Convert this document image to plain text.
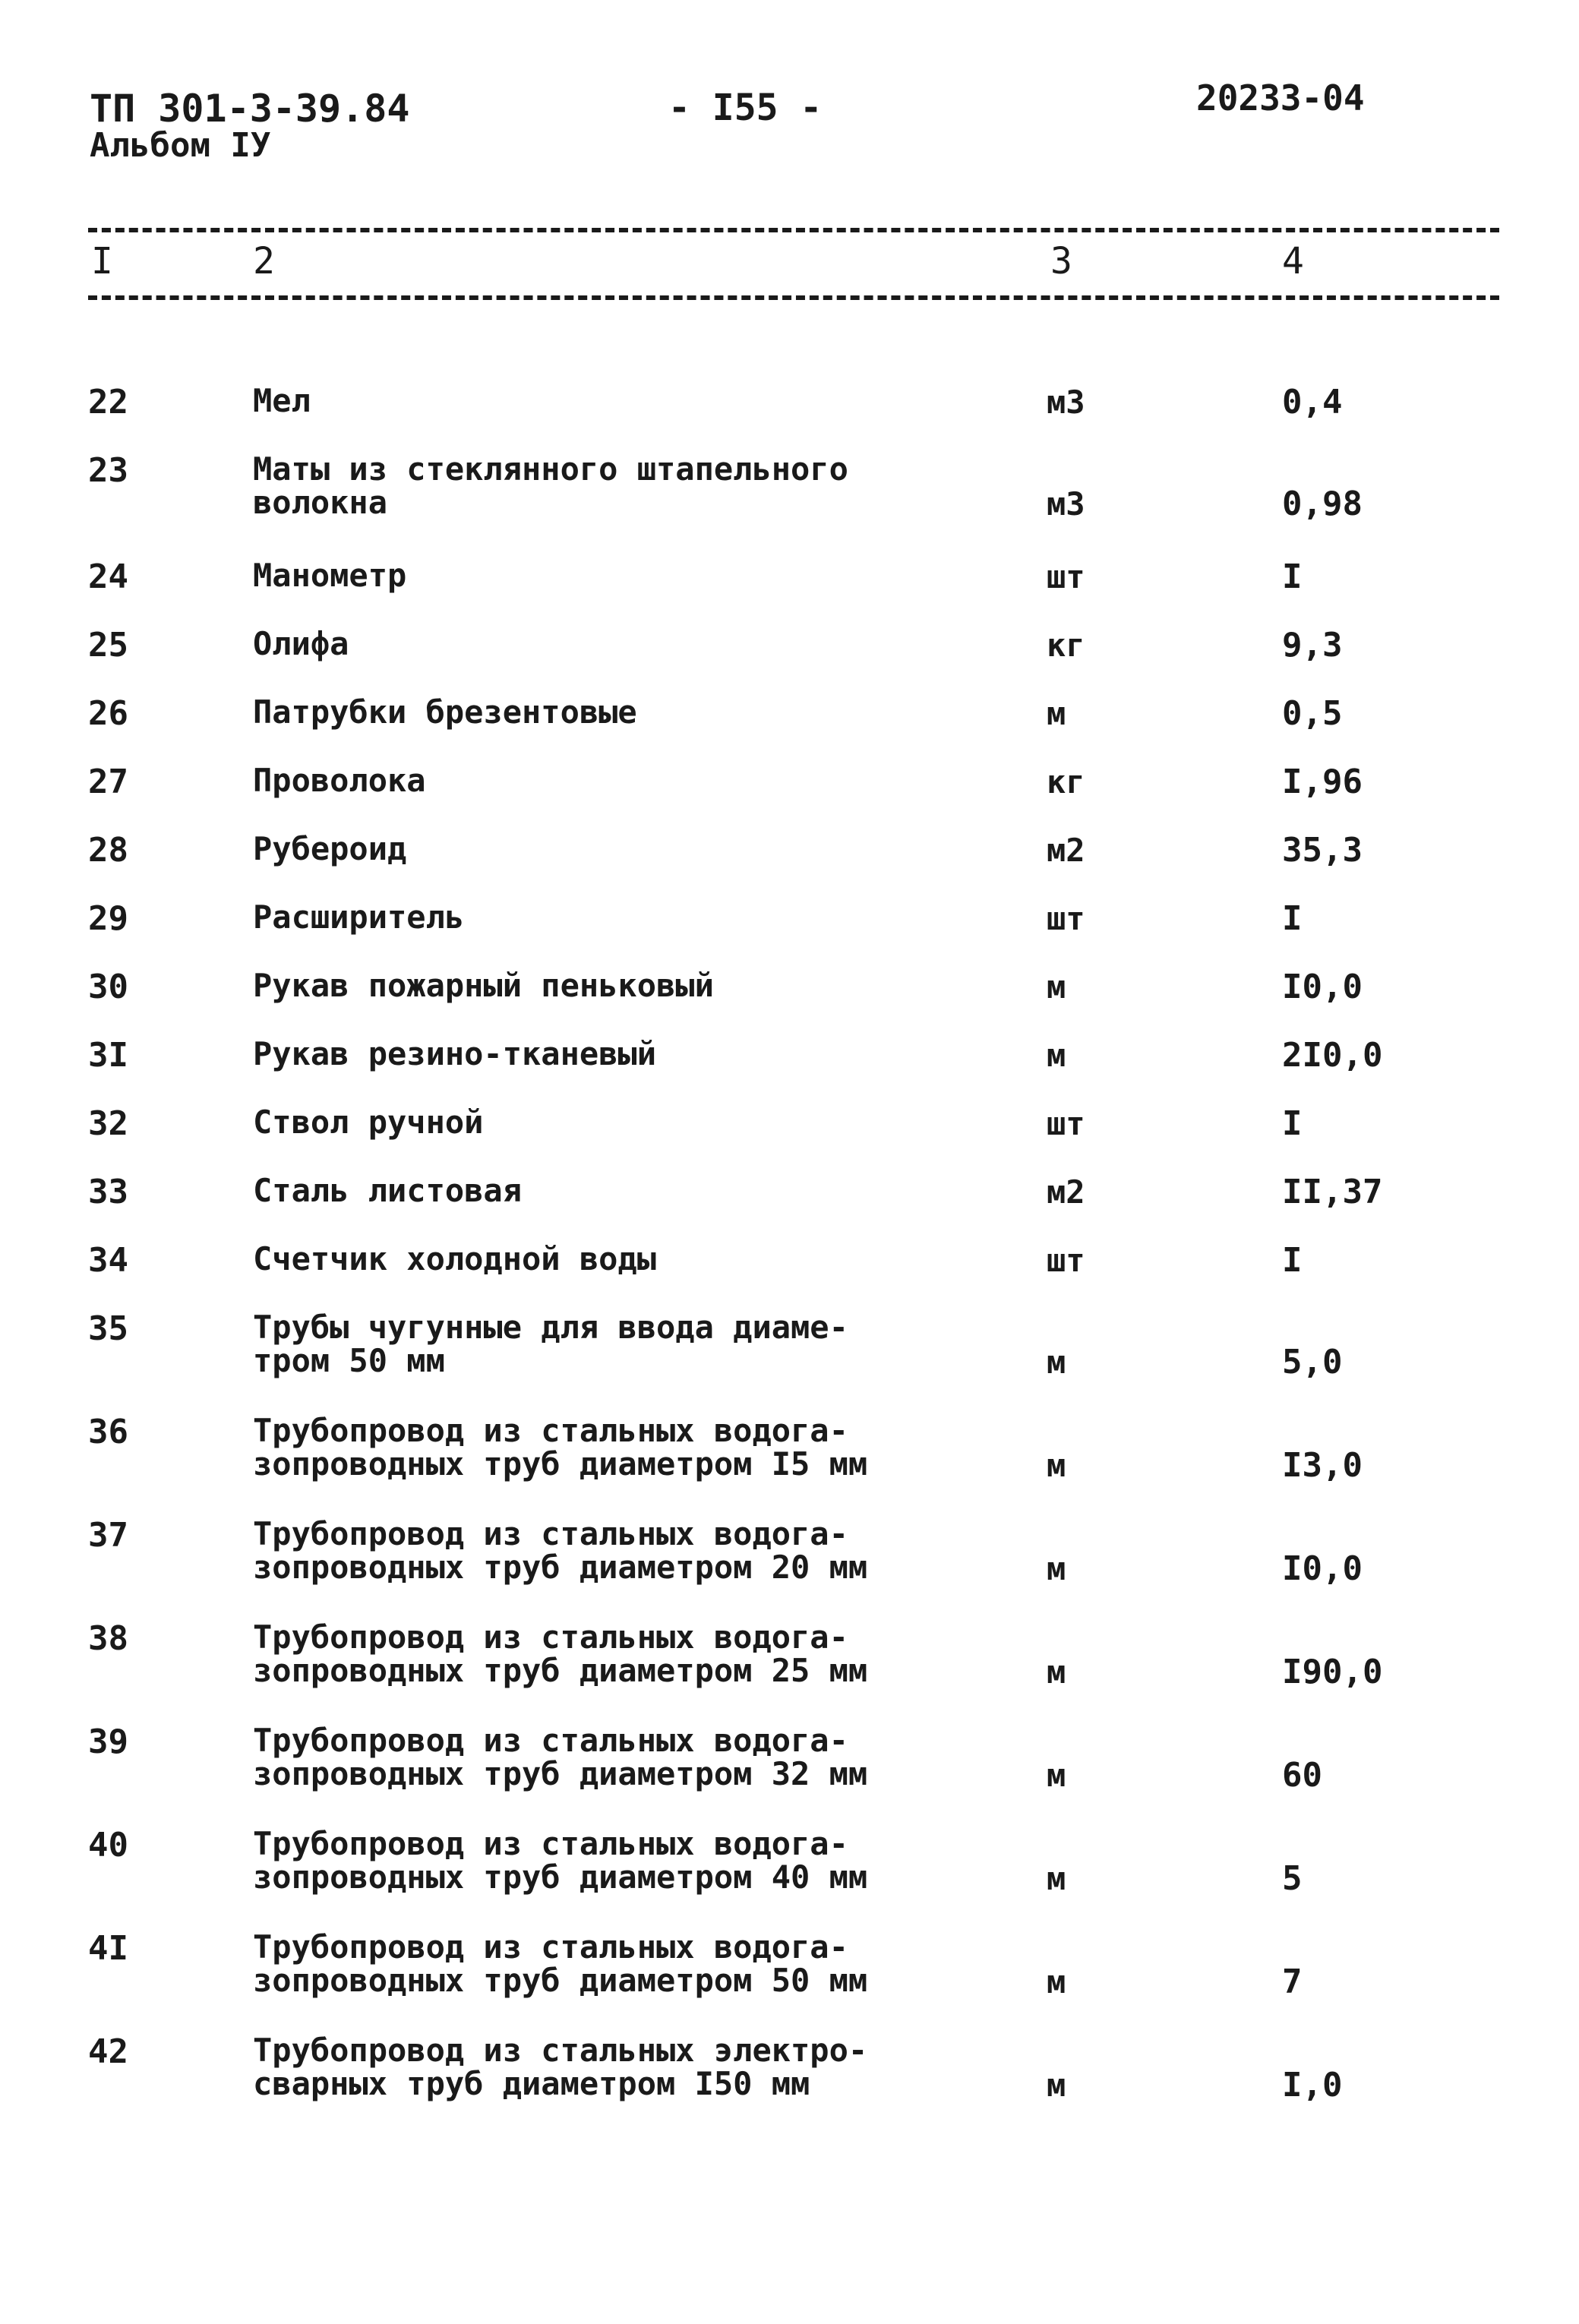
ТП 301-3-39.84
Альбом IУ
- I55 -	20233-04
I	2	3	4
22	Мел	м3	0,4
23	Маты из стеклянного штапельного
волокна	м3	0,98
24	Манометр	шт	I
25	Олифа	кг	9,3
26	Патрубки брезентовые	м	0,5
27	Проволока	кг	I,96
28	Рубероид	м2	35,3
29	Расширитель	шт	I
30	Рукав пожарный пеньковый	м	I0,0
3I	Рукав резино-тканевый	м	2I0,0
32	Ствол ручной	шт	I
33	Сталь листовая	м2	II,37
34	Счетчик холодной воды	шт	I
35	Трубы чугунные для ввода диаме-
тром 50 мм	м	5,0
36	Трубопровод из стальных водога-
зопроводных труб диаметром I5 мм	м	I3,0
37	Трубопровод из стальных водога-
зопроводных труб диаметром 20 мм	м	I0,0
38	Трубопровод из стальных водога-
зопроводных труб диаметром 25 мм	м	I90,0
39	Трубопровод из стальных водога-
зопроводных труб диаметром 32 мм	м	60
40	Трубопровод из стальных водога-
зопроводных труб диаметром 40 мм	м	5
4I	Трубопровод из стальных водога-
зопроводных труб диаметром 50 мм	м	7
42	Трубопровод из стальных электро-
сварных труб диаметром I50 мм	м	I,0
